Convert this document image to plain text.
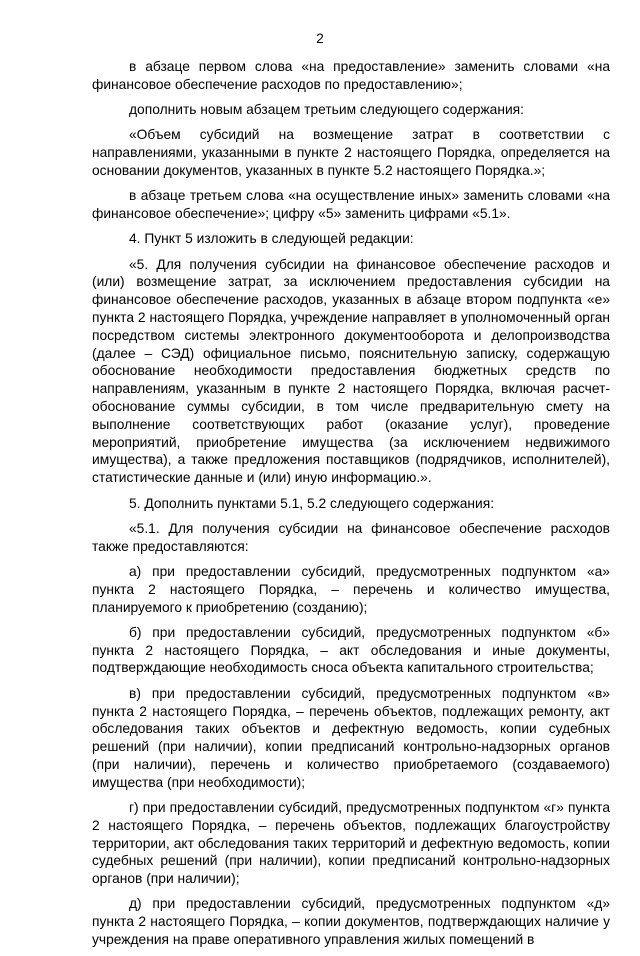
2

в абзаце первом слова «на предоставление» заменить словами «на финансовое обеспечение расходов по предоставлению»;

дополнить новым абзацем третьим следующего содержания:

«Объем субсидий на возмещение затрат в соответствии с направлениями, указанными в пункте 2 настоящего Порядка, определяется на основании документов, указанных в пункте 5.2 настоящего Порядка.»;

в абзаце третьем слова «на осуществление иных» заменить словами «на финансовое обеспечение»; цифру «5» заменить цифрами «5.1».

4. Пункт 5 изложить в следующей редакции:

«5. Для получения субсидии на финансовое обеспечение расходов и (или) возмещение затрат, за исключением предоставления субсидии на финансовое обеспечение расходов, указанных в абзаце втором подпункта «е» пункта 2 настоящего Порядка, учреждение направляет в уполномоченный орган посредством системы электронного документооборота и делопроизводства (далее – СЭД) официальное письмо, пояснительную записку, содержащую обоснование необходимости предоставления бюджетных средств по направлениям, указанным в пункте 2 настоящего Порядка, включая расчет-обоснование суммы субсидии, в том числе предварительную смету на выполнение соответствующих работ (оказание услуг), проведение мероприятий, приобретение имущества (за исключением недвижимого имущества), а также предложения поставщиков (подрядчиков, исполнителей), статистические данные и (или) иную информацию.».

5. Дополнить пунктами 5.1, 5.2 следующего содержания:

«5.1. Для получения субсидии на финансовое обеспечение расходов также предоставляются:

а) при предоставлении субсидий, предусмотренных подпунктом «а» пункта 2 настоящего Порядка, – перечень и количество имущества, планируемого к приобретению (созданию);

б) при предоставлении субсидий, предусмотренных подпунктом «б» пункта 2 настоящего Порядка, – акт обследования и иные документы, подтверждающие необходимость сноса объекта капитального строительства;

в) при предоставлении субсидий, предусмотренных подпунктом «в» пункта 2 настоящего Порядка, – перечень объектов, подлежащих ремонту, акт обследования таких объектов и дефектную ведомость, копии судебных решений (при наличии), копии предписаний контрольно-надзорных органов (при наличии), перечень и количество приобретаемого (создаваемого) имущества (при необходимости);

г) при предоставлении субсидий, предусмотренных подпунктом «г» пункта 2 настоящего Порядка, – перечень объектов, подлежащих благоустройству территории, акт обследования таких территорий и дефектную ведомость, копии судебных решений (при наличии), копии предписаний контрольно-надзорных органов (при наличии);

д) при предоставлении субсидий, предусмотренных подпунктом «д» пункта 2 настоящего Порядка, – копии документов, подтверждающих наличие у учреждения на праве оперативного управления жилых помещений в
